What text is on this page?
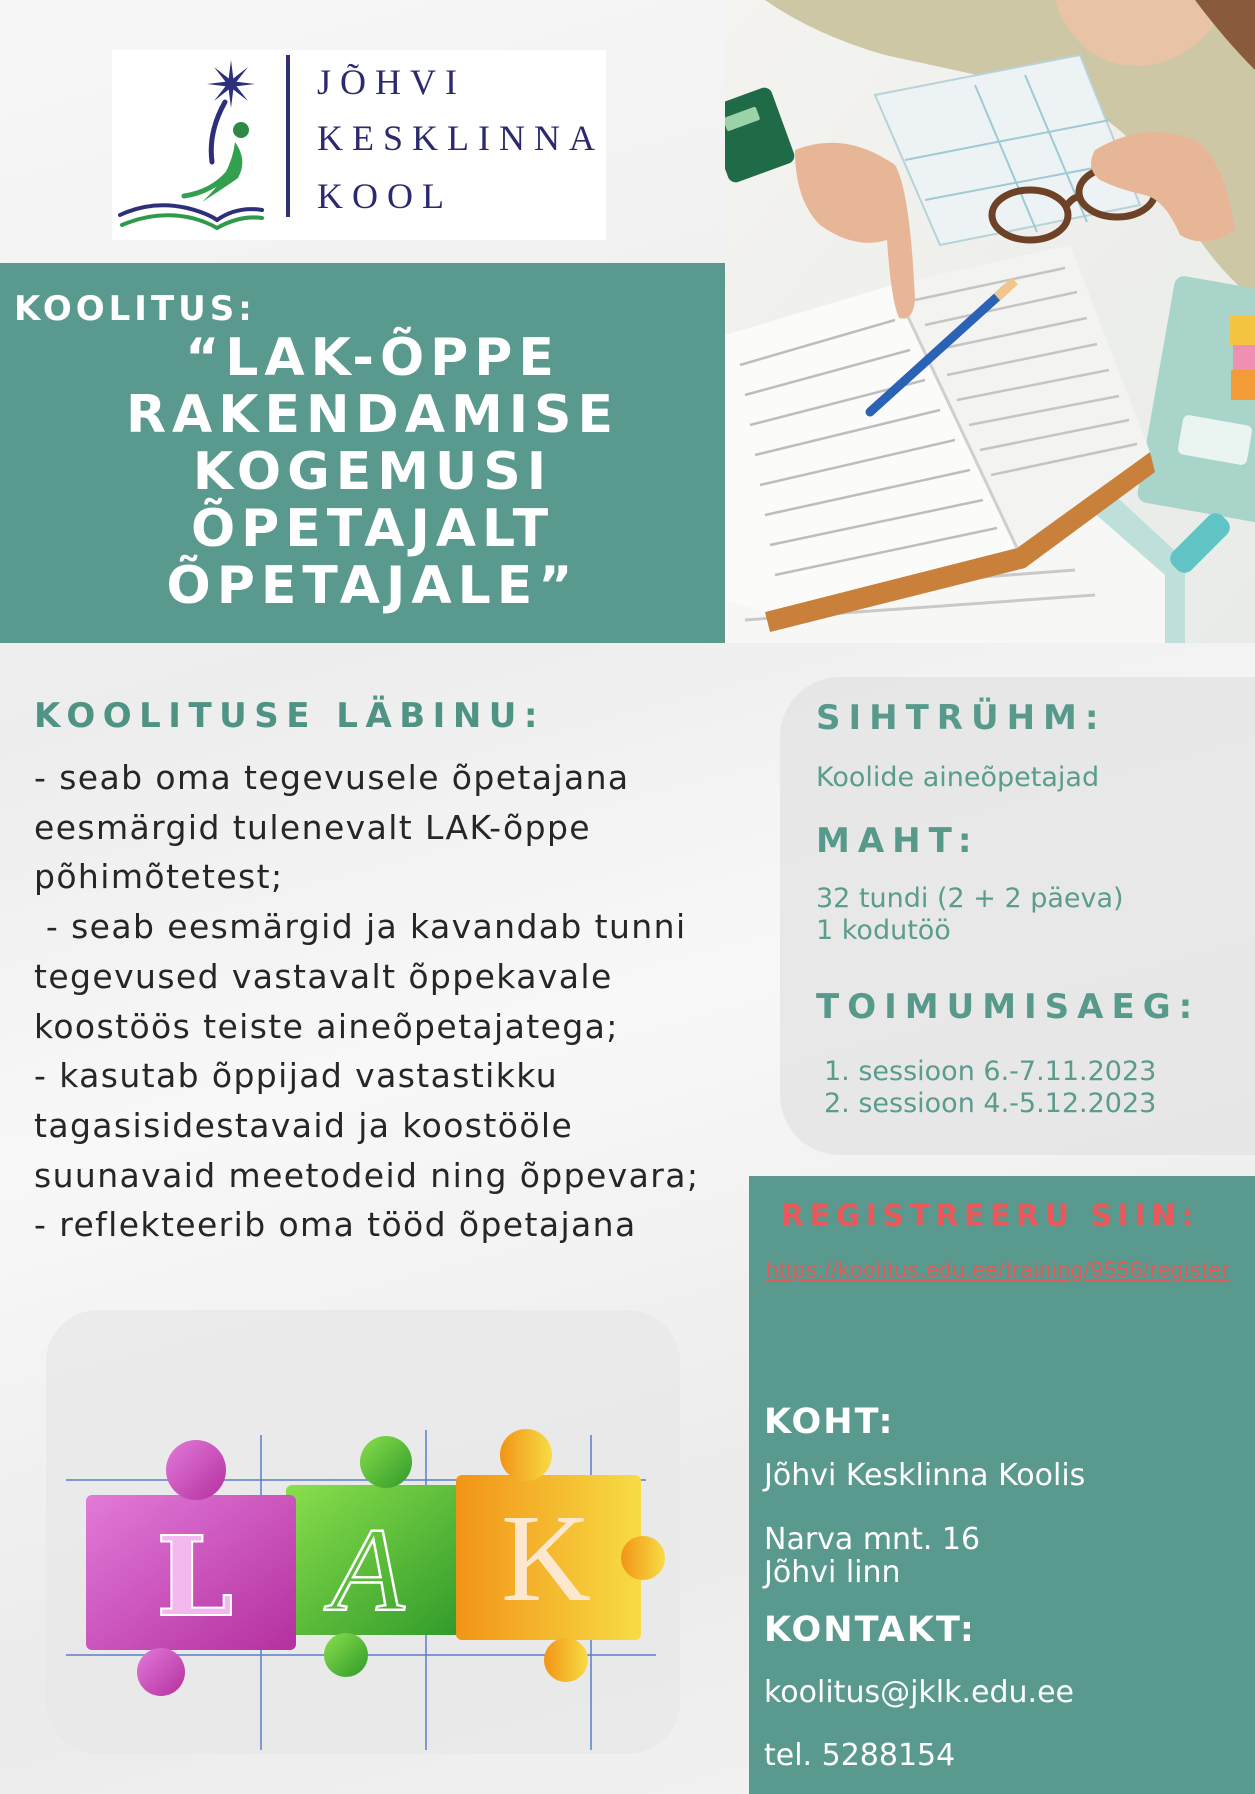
JÕHVI
KESKLINNA
KOOL
KOOLITUS:
“LAK-ÕPPE
RAKENDAMISE
KOGEMUSI
ÕPETAJALT
ÕPETAJALE”
KOOLITUSE LÄBINU:
- seab oma tegevusele õpetajana
eesmärgid tulenevalt LAK-õppe
põhimõtetest;
- seab eesmärgid ja kavandab tunni
tegevused vastavalt õppekavale
koostöös teiste aineõpetajatega;
- kasutab õppijad vastastikku
tagasisidestavaid ja koostööle
suunavaid meetodeid ning õppevara;
- reflekteerib oma tööd õpetajana
SIHTRÜHM:
Koolide aineõpetajad
MAHT:
32 tundi (2 + 2 päeva)
1 kodutöö
TOIMUMISAEG:
1. sessioon 6.-7.11.2023
2. sessioon 4.-5.12.2023
REGISTREERU SIIN:
https://koolitus.edu.ee/training/9556/register
KOHT:
Jõhvi Kesklinna Koolis
Narva mnt. 16
Jõhvi linn
KONTAKT:
koolitus@jklk.edu.ee
tel. 5288154
L A K
